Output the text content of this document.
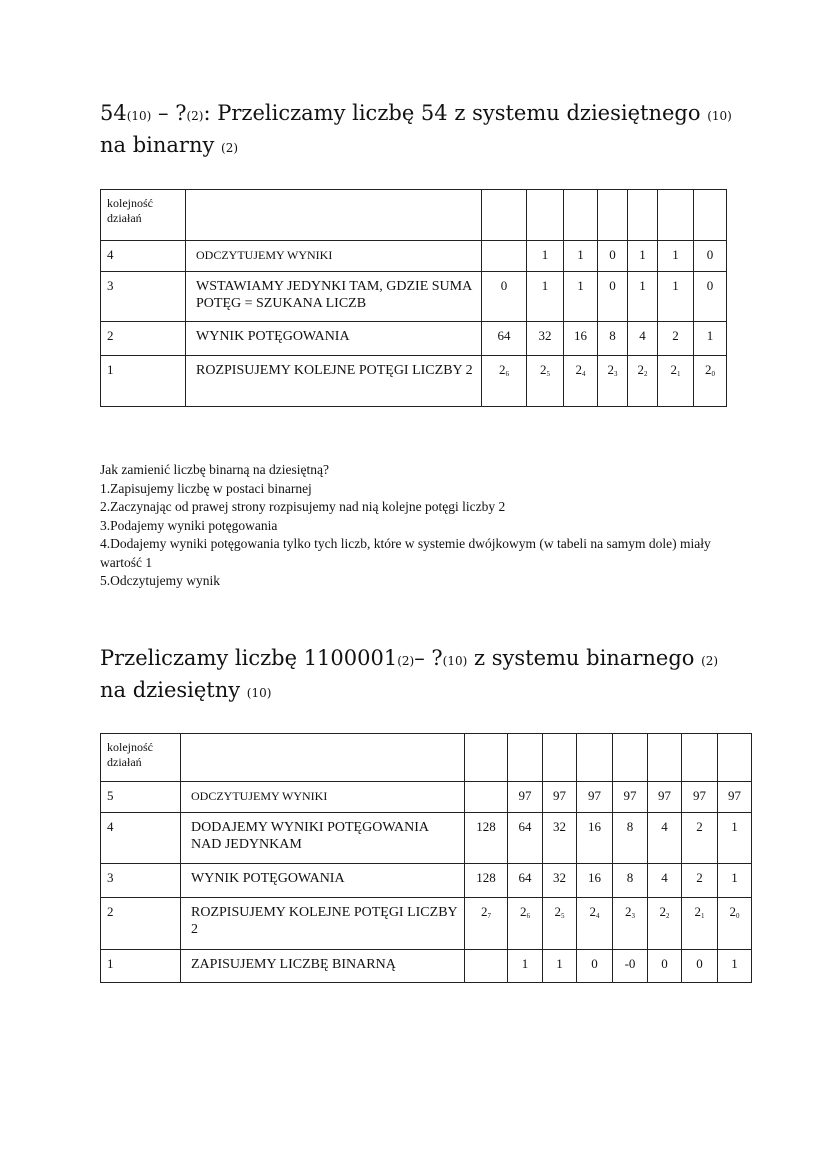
54(10) – ?(2): Przeliczamy liczbę 54 z systemu dziesiętnego (10) na binarny (2)
kolejność działań								
4	ODCZYTUJEMY WYNIKI		1	1	0	1	1	0
3	WSTAWIAMY JEDYNKI TAM, GDZIE SUMA POTĘG = SZUKANA LICZB	0	1	1	0	1	1	0
2	WYNIK POTĘGOWANIA	64	32	16	8	4	2	1
1	ROZPISUJEMY KOLEJNE POTĘGI LICZBY 2	$2_6$	$2_5$	$2_4$	$2_3$	$2_2$	$2_1$	$2_0$

Jak zamienić liczbę binarną na dziesiętną?

1.Zapisujemy liczbę w postaci binarnej

2.Zaczynając od prawej strony rozpisujemy nad nią kolejne potęgi liczby 2

3.Podajemy wyniki potęgowania

4.Dodajemy wyniki potęgowania tylko tych liczb, które w systemie dwójkowym (w tabeli na samym dole) miały wartość 1

5.Odczytujemy wynik

Przeliczamy liczbę 1100001(2)– ?(10) z systemu binarnego (2) na dziesiętny (10)
kolejność działań									
5	ODCZYTUJEMY WYNIKI		97	97	97	97	97	97	97
4	DODAJEMY WYNIKI POTĘGOWANIA NAD JEDYNKAM	128	64	32	16	8	4	2	1
3	WYNIK POTĘGOWANIA	128	64	32	16	8	4	2	1
2	ROZPISUJEMY KOLEJNE POTĘGI LICZBY 2	$2_7$	$2_6$	$2_5$	$2_4$	$2_3$	$2_2$	$2_1$	$2_0$
1	ZAPISUJEMY LICZBĘ BINARNĄ		1	1	0	-0	0	0	1
